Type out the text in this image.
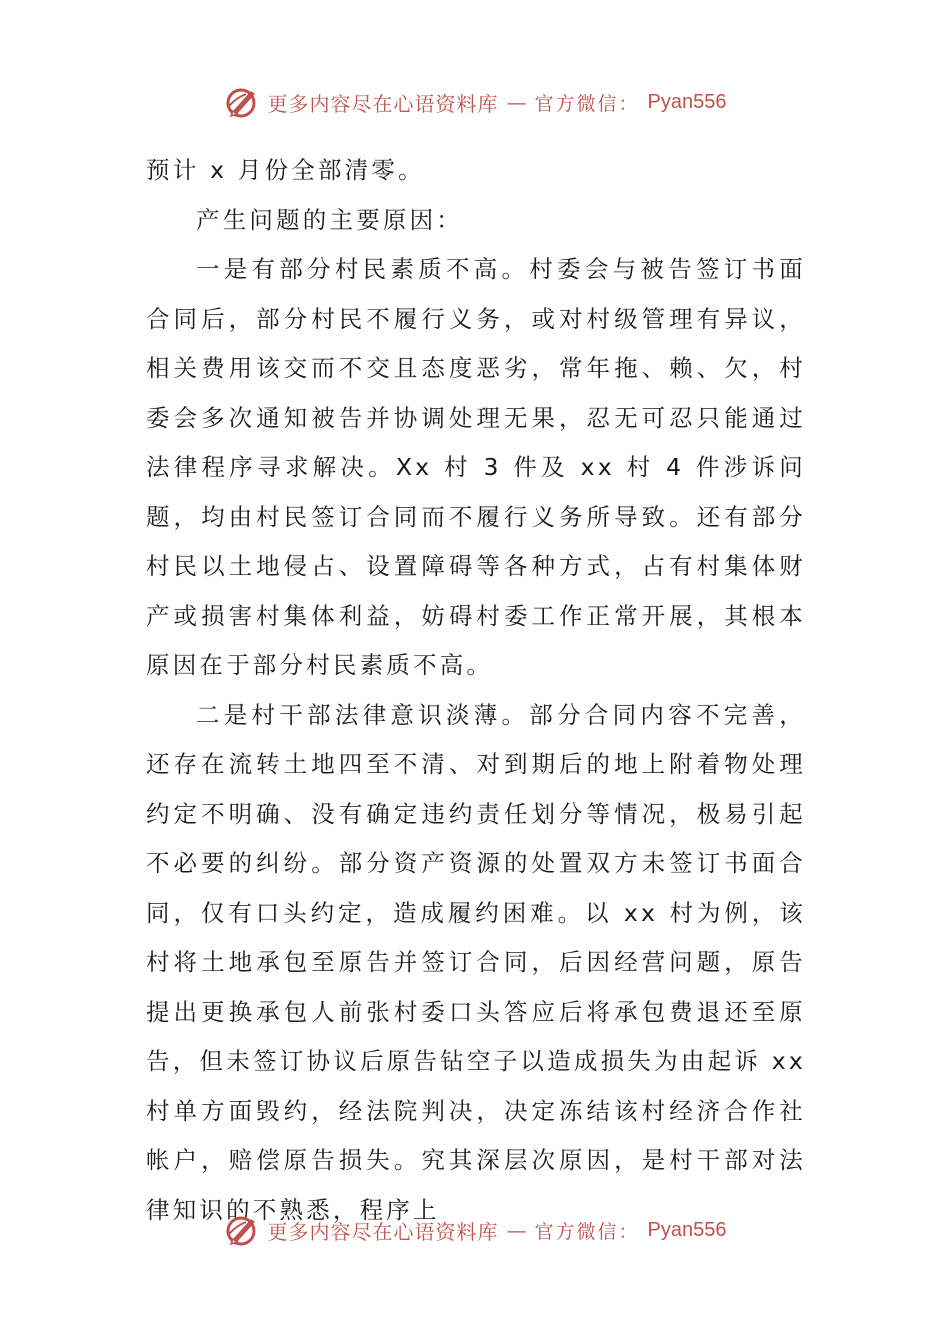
更多内容尽在心语资料库 — 官方微信： Pyan556

预计 x 月份全部清零。

产生问题的主要原因：

一是有部分村民素质不高。村委会与被告签订书面合同后，部分村民不履行义务，或对村级管理有异议，相关费用该交而不交且态度恶劣，常年拖、赖、欠，村委会多次通知被告并协调处理无果，忍无可忍只能通过法律程序寻求解决。Xx 村 3 件及 xx 村 4 件涉诉问题，均由村民签订合同而不履行义务所导致。还有部分村民以土地侵占、设置障碍等各种方式，占有村集体财产或损害村集体利益，妨碍村委工作正常开展，其根本原因在于部分村民素质不高。

二是村干部法律意识淡薄。部分合同内容不完善，还存在流转土地四至不清、对到期后的地上附着物处理约定不明确、没有确定违约责任划分等情况，极易引起不必要的纠纷。部分资产资源的处置双方未签订书面合同，仅有口头约定，造成履约困难。以 xx 村为例，该村将土地承包至原告并签订合同，后因经营问题，原告提出更换承包人前张村委口头答应后将承包费退还至原告，但未签订协议后原告钻空子以造成损失为由起诉 xx 村单方面毁约，经法院判决，决定冻结该村经济合作社帐户，赔偿原告损失。究其深层次原因，是村干部对法律知识的不熟悉，程序上

更多内容尽在心语资料库 — 官方微信： Pyan556
